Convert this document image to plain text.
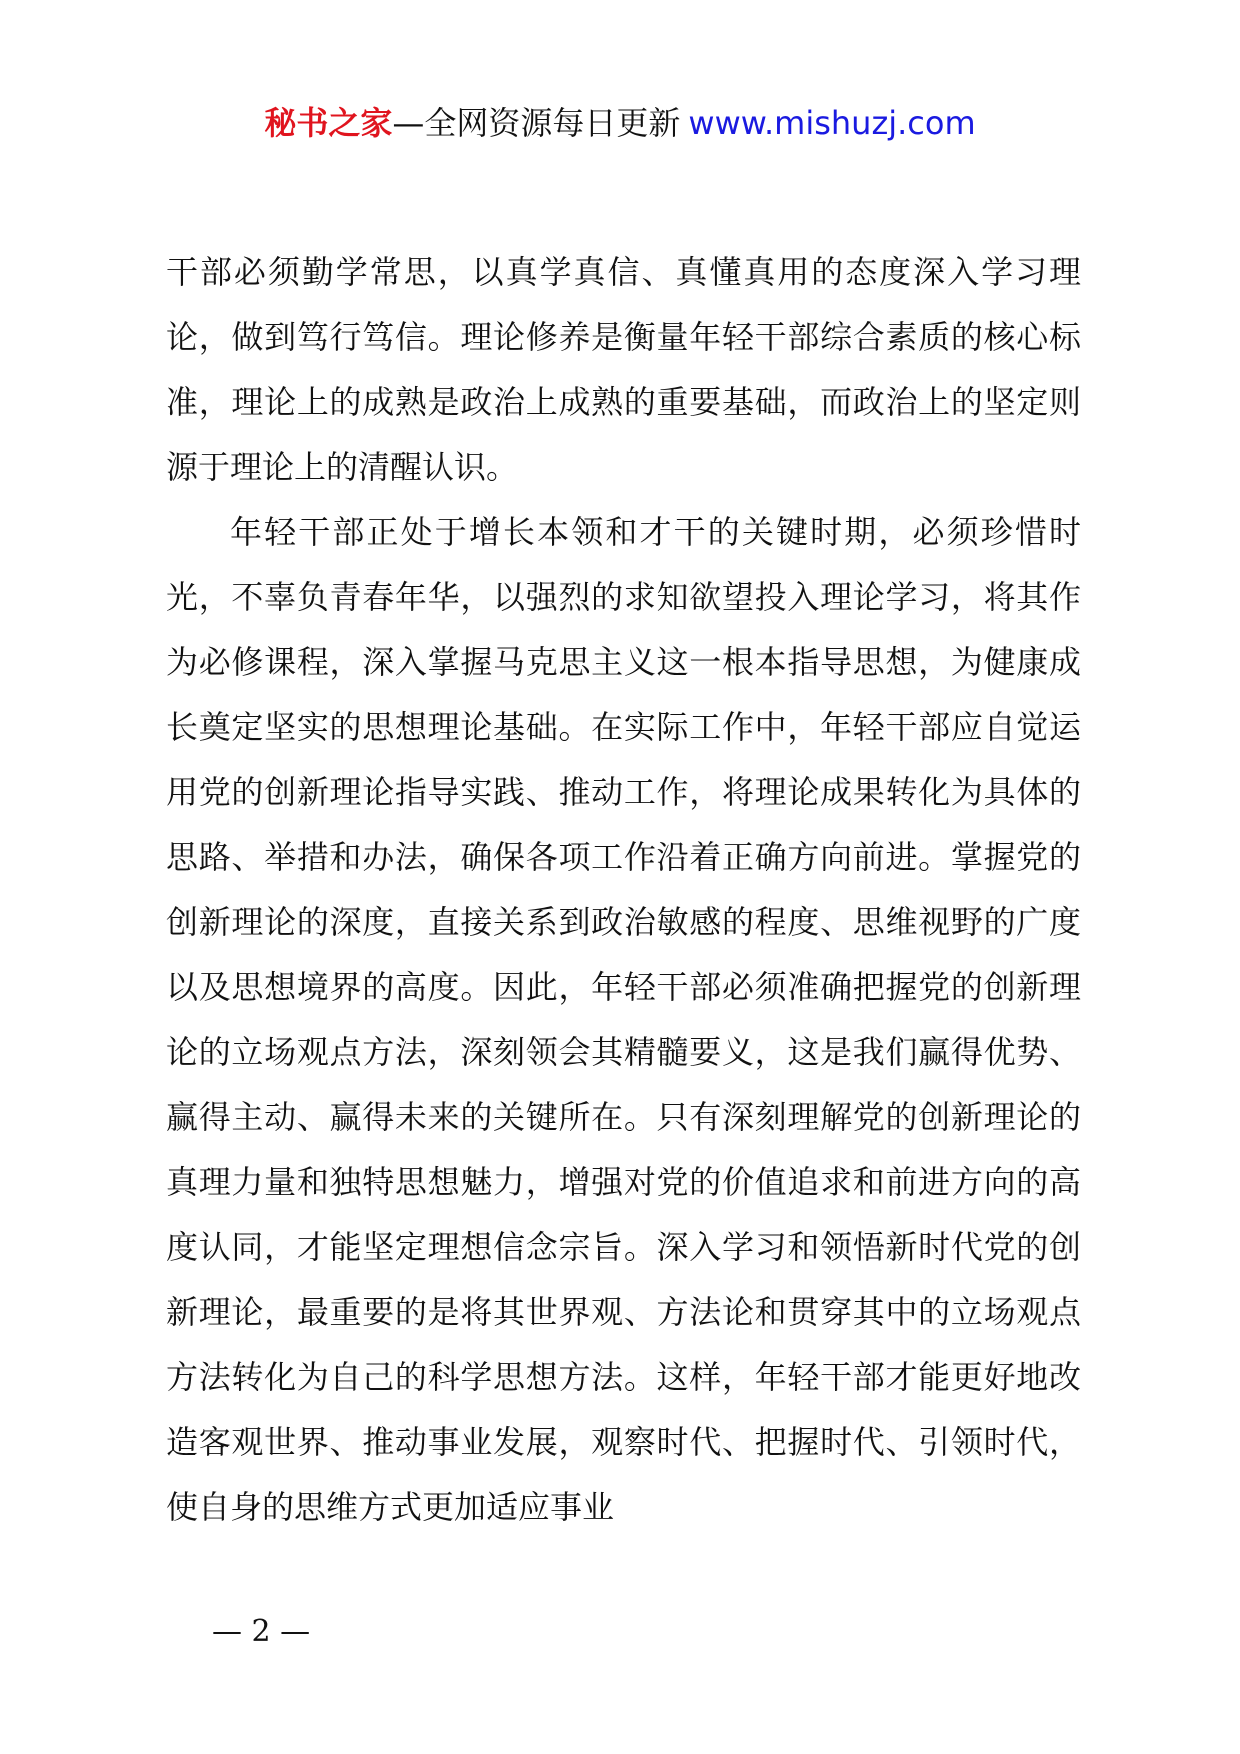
秘书之家—全网资源每日更新 www.mishuzj.com

干部必须勤学常思，以真学真信、真懂真用的态度深入学习理论，做到笃行笃信。理论修养是衡量年轻干部综合素质的核心标准，理论上的成熟是政治上成熟的重要基础，而政治上的坚定则源于理论上的清醒认识。

年轻干部正处于增长本领和才干的关键时期，必须珍惜时光，不辜负青春年华，以强烈的求知欲望投入理论学习，将其作为必修课程，深入掌握马克思主义这一根本指导思想，为健康成长奠定坚实的思想理论基础。在实际工作中，年轻干部应自觉运用党的创新理论指导实践、推动工作，将理论成果转化为具体的思路、举措和办法，确保各项工作沿着正确方向前进。掌握党的创新理论的深度，直接关系到政治敏感的程度、思维视野的广度以及思想境界的高度。因此，年轻干部必须准确把握党的创新理论的立场观点方法，深刻领会其精髓要义，这是我们赢得优势、赢得主动、赢得未来的关键所在。只有深刻理解党的创新理论的真理力量和独特思想魅力，增强对党的价值追求和前进方向的高度认同，才能坚定理想信念宗旨。深入学习和领悟新时代党的创新理论，最重要的是将其世界观、方法论和贯穿其中的立场观点方法转化为自己的科学思想方法。这样，年轻干部才能更好地改造客观世界、推动事业发展，观察时代、把握时代、引领时代，使自身的思维方式更加适应事业

— 2 —
